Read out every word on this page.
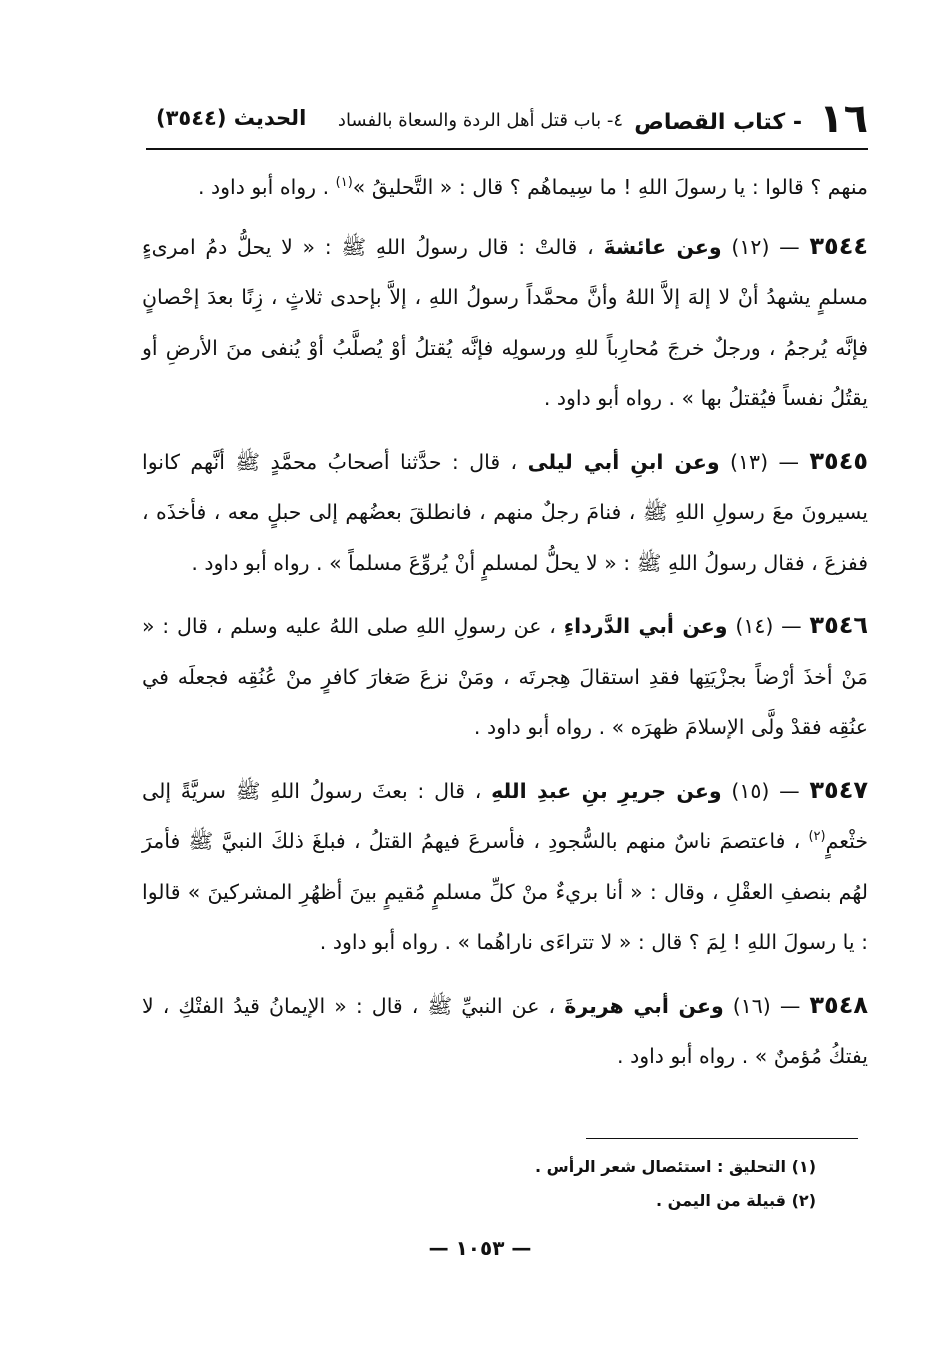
١٦
- كتاب القصاص
٤- باب قتل أهل الردة والسعاة بالفساد
الحديث (٣٥٤٤)

منهم ؟ قالوا : يا رسولَ اللهِ ! ما سِيماهُم ؟ قال : « التَّحليقُ »$^{(١)}$ . رواه أبو داود .

٣٥٤٤ — (١٢) وعن عائشةَ ، قالتْ : قال رسولُ اللهِ ﷺ : « لا يحلُّ دمُ امرىءٍ مسلمٍ يشهدُ أنْ لا إلهَ إلاَّ اللهُ وأنَّ محمَّداً رسولُ اللهِ ، إلاَّ بإحدى ثلاثٍ ، زِنًا بعدَ إحْصانٍ فإنَّه يُرجمُ ، ورجلٌ خرجَ مُحارِباً للهِ ورسولِه فإنَّه يُقتلُ أوْ يُصلَّبُ أوْ يُنفى منَ الأرضِ أو يقتُلُ نفساً فيُقتلُ بها » . رواه أبو داود .

٣٥٤٥ — (١٣) وعن ابنِ أبي ليلى ، قال : حدَّثنا أصحابُ محمَّدٍ ﷺ أنَّهم كانوا يسيرونَ معَ رسولِ اللهِ ﷺ ، فنامَ رجلٌ منهم ، فانطلقَ بعضُهم إلى حبلٍ معه ، فأخذَه ، ففزعَ ، فقال رسولُ اللهِ ﷺ : « لا يحلُّ لمسلمٍ أنْ يُروِّعَ مسلماً » . رواه أبو داود .

٣٥٤٦ — (١٤) وعن أبي الدَّرداءِ ، عن رسولِ اللهِ صلى اللهُ عليه وسلم ، قال : « مَنْ أخذَ أرْضاً بجزْيَتِها فقدِ استقالَ هِجرتَه ، ومَنْ نزعَ صَغارَ كافرٍ منْ عُنُقِه فجعلَه في عنُقِه فقدْ ولَّى الإسلامَ ظهرَه » . رواه أبو داود .

٣٥٤٧ — (١٥) وعن جريرِ بنِ عبدِ اللهِ ، قال : بعثَ رسولُ اللهِ ﷺ سريَّةً إلى خثْعمٍ$^{(٢)}$ ، فاعتصمَ ناسٌ منهم بالسُّجودِ ، فأسرعَ فيهمُ القتلُ ، فبلغَ ذلكَ النبيَّ ﷺ فأمرَ لهُم بنصفِ العقْلِ ، وقال : « أنا بريءٌ منْ كلِّ مسلمٍ مُقيمٍ بينَ أظهُرِ المشركينَ » قالوا : يا رسولَ اللهِ ! لِمَ ؟ قال : « لا تتراءَى ناراهُما » . رواه أبو داود .

٣٥٤٨ — (١٦) وعن أبي هريرةَ ، عن النبيِّ ﷺ ، قال : « الإيمانُ قيدُ الفتْكِ ، لا يفتكُ مُؤمنٌ » . رواه أبو داود .

(١) التحليق : استئصال شعر الرأس .
(٢) قبيلة من اليمن .
— ١٠٥٣ —
